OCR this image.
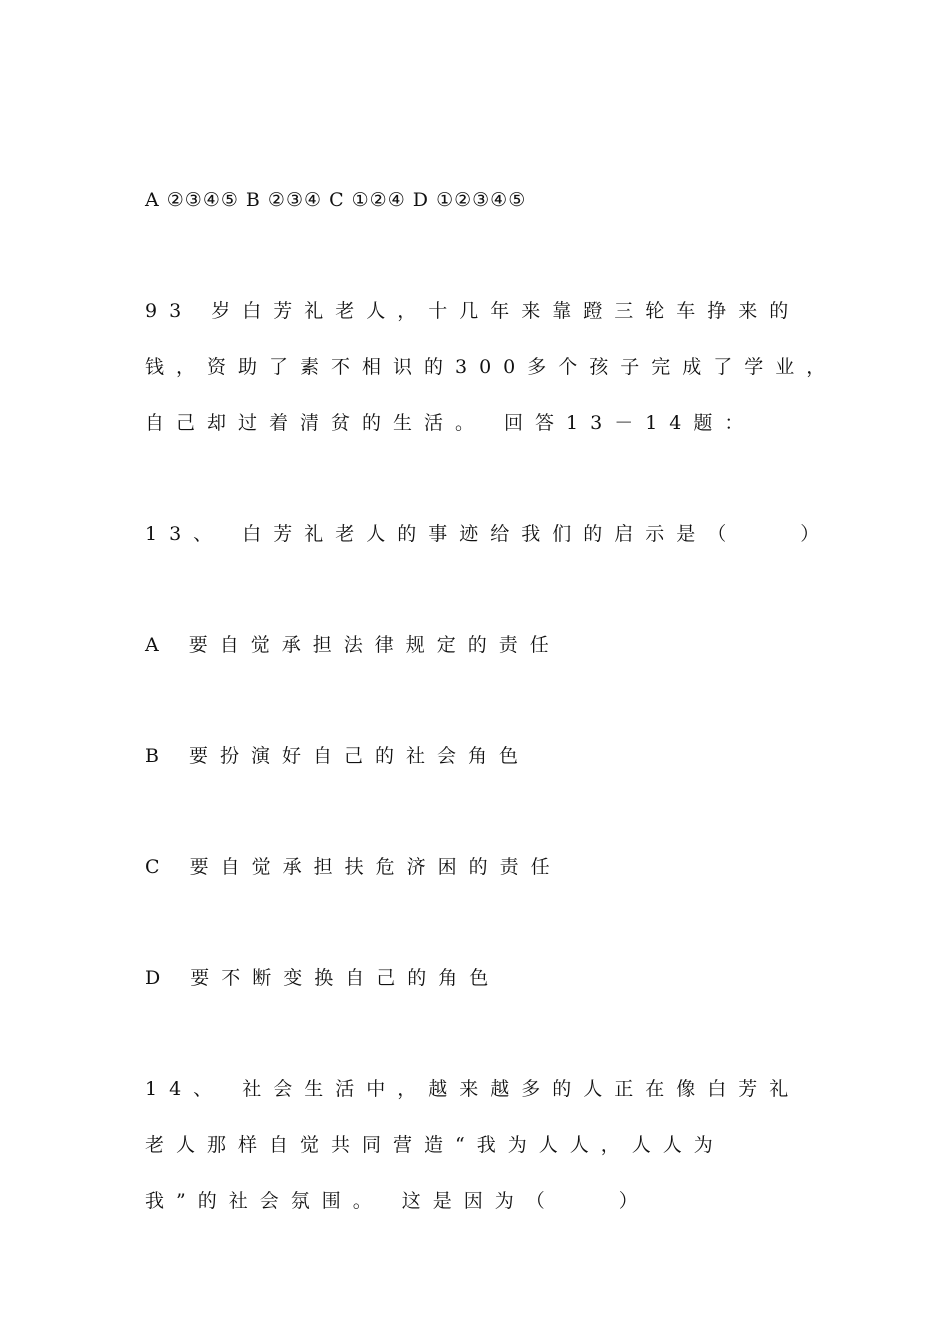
A ②③④⑤ B ②③④ C ①②④ D ①②③④⑤
93 岁白芳礼老人，十几年来靠蹬三轮车挣来的
钱，资助了素不相识的300多个孩子完成了学业，
自己却过着清贫的生活。 回答13－14题：
13、 白芳礼老人的事迹给我们的启示是（　　）
A 要自觉承担法律规定的责任
B 要扮演好自己的社会角色
C 要自觉承担扶危济困的责任
D 要不断变换自己的角色
14、 社会生活中，越来越多的人正在像白芳礼
老人那样自觉共同营造“我为人人，人人为
我”的社会氛围。 这是因为（　　）
